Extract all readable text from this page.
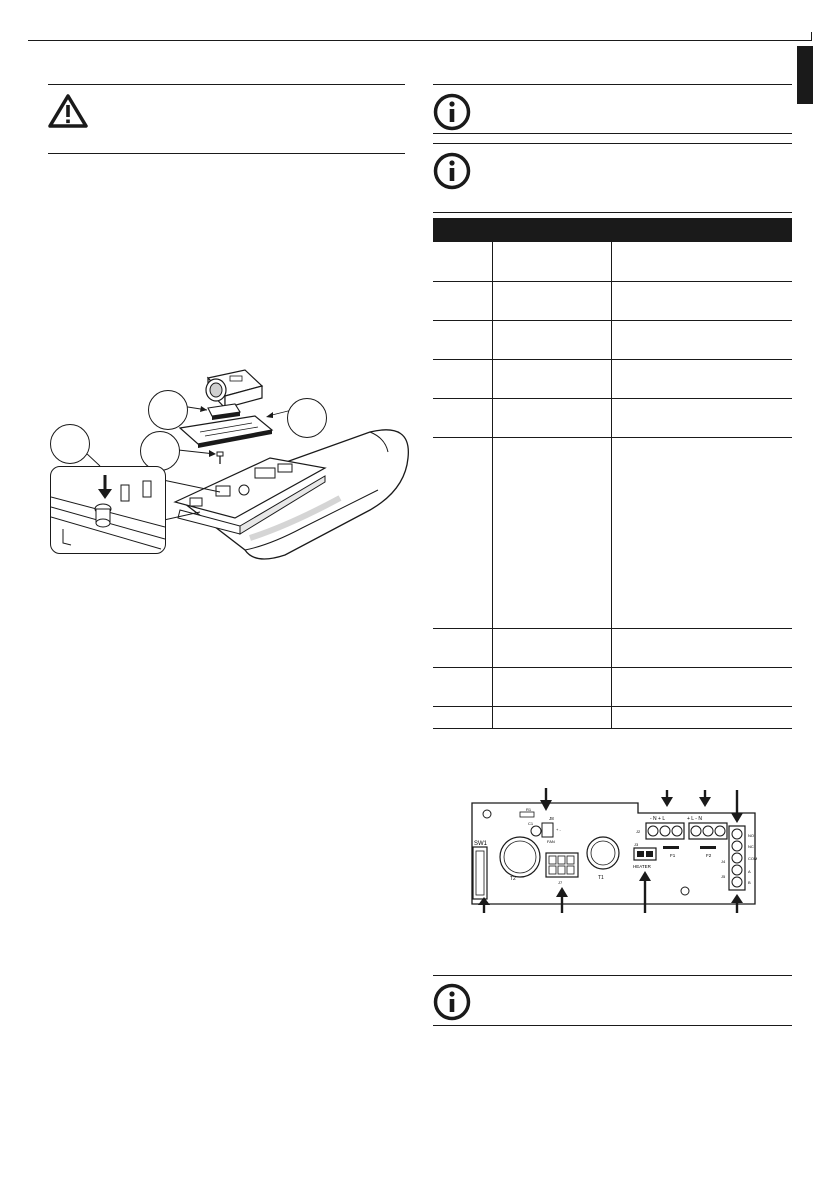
SW1
T2
R1
C1
J8
FAN
+ -
J7
T1
J3
HEATER
J2
- N + L
F1
+ L - N
F2
J4
J5
NO
NC
COM
A
B
